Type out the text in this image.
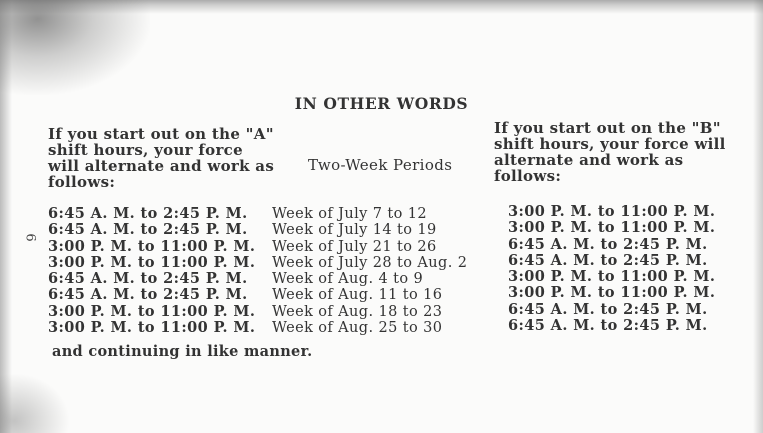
IN OTHER WORDS
If you start out on the "A" shift hours, your force will alternate and work as follows:
Two-Week Periods
If you start out on the "B" shift hours, your force will alternate and work as follows:
6
6:45 A. M. to 2:45 P. M.
6:45 A. M. to 2:45 P. M.
3:00 P. M. to 11:00 P. M.
3:00 P. M. to 11:00 P. M.
6:45 A. M. to 2:45 P. M.
6:45 A. M. to 2:45 P. M.
3:00 P. M. to 11:00 P. M.
3:00 P. M. to 11:00 P. M.
Week of July 7 to 12
Week of July 14 to 19
Week of July 21 to 26
Week of July 28 to Aug. 2
Week of Aug. 4 to 9
Week of Aug. 11 to 16
Week of Aug. 18 to 23
Week of Aug. 25 to 30
3:00 P. M. to 11:00 P. M.
3:00 P. M. to 11:00 P. M.
6:45 A. M. to 2:45 P. M.
6:45 A. M. to 2:45 P. M.
3:00 P. M. to 11:00 P. M.
3:00 P. M. to 11:00 P. M.
6:45 A. M. to 2:45 P. M.
6:45 A. M. to 2:45 P. M.
and continuing in like manner.
